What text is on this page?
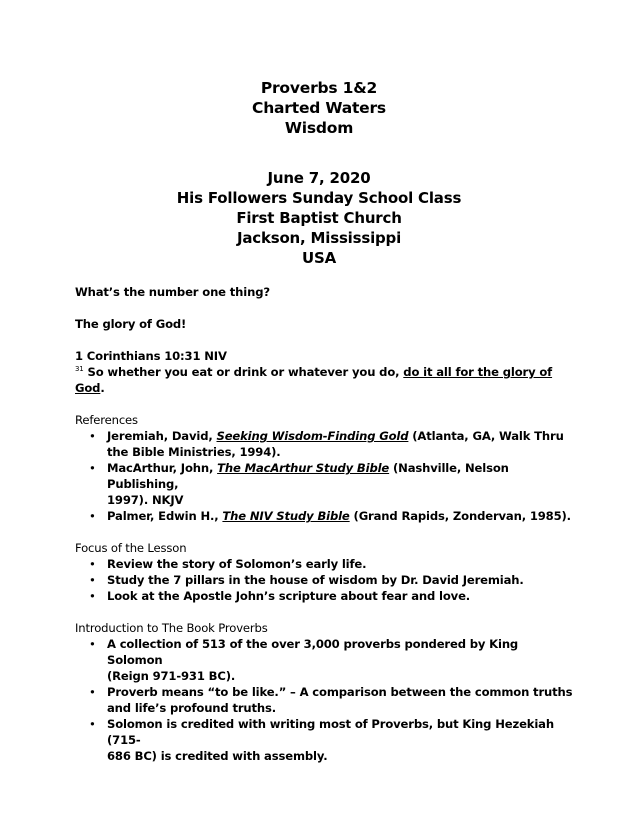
Proverbs 1&2
Charted Waters
Wisdom
June 7, 2020
His Followers Sunday School Class
First Baptist Church
Jackson, Mississippi
USA

What’s the number one thing?

The glory of God!

1 Corinthians 10:31 NIV

$^{31}$ So whether you eat or drink or whatever you do, do it all for the glory of God.

References

• Jeremiah, David, Seeking Wisdom-Finding Gold (Atlanta, GA, Walk Thru
the Bible Ministries, 1994).
• MacArthur, John, The MacArthur Study Bible (Nashville, Nelson Publishing,
1997). NKJV
• Palmer, Edwin H., The NIV Study Bible (Grand Rapids, Zondervan, 1985).

Focus of the Lesson

• Review the story of Solomon’s early life.
• Study the 7 pillars in the house of wisdom by Dr. David Jeremiah.
• Look at the Apostle John’s scripture about fear and love.

Introduction to The Book Proverbs

• A collection of 513 of the over 3,000 proverbs pondered by King Solomon
(Reign 971-931 BC).
• Proverb means “to be like.” – A comparison between the common truths
and life’s profound truths.
• Solomon is credited with writing most of Proverbs, but King Hezekiah (715-
686 BC) is credited with assembly.
